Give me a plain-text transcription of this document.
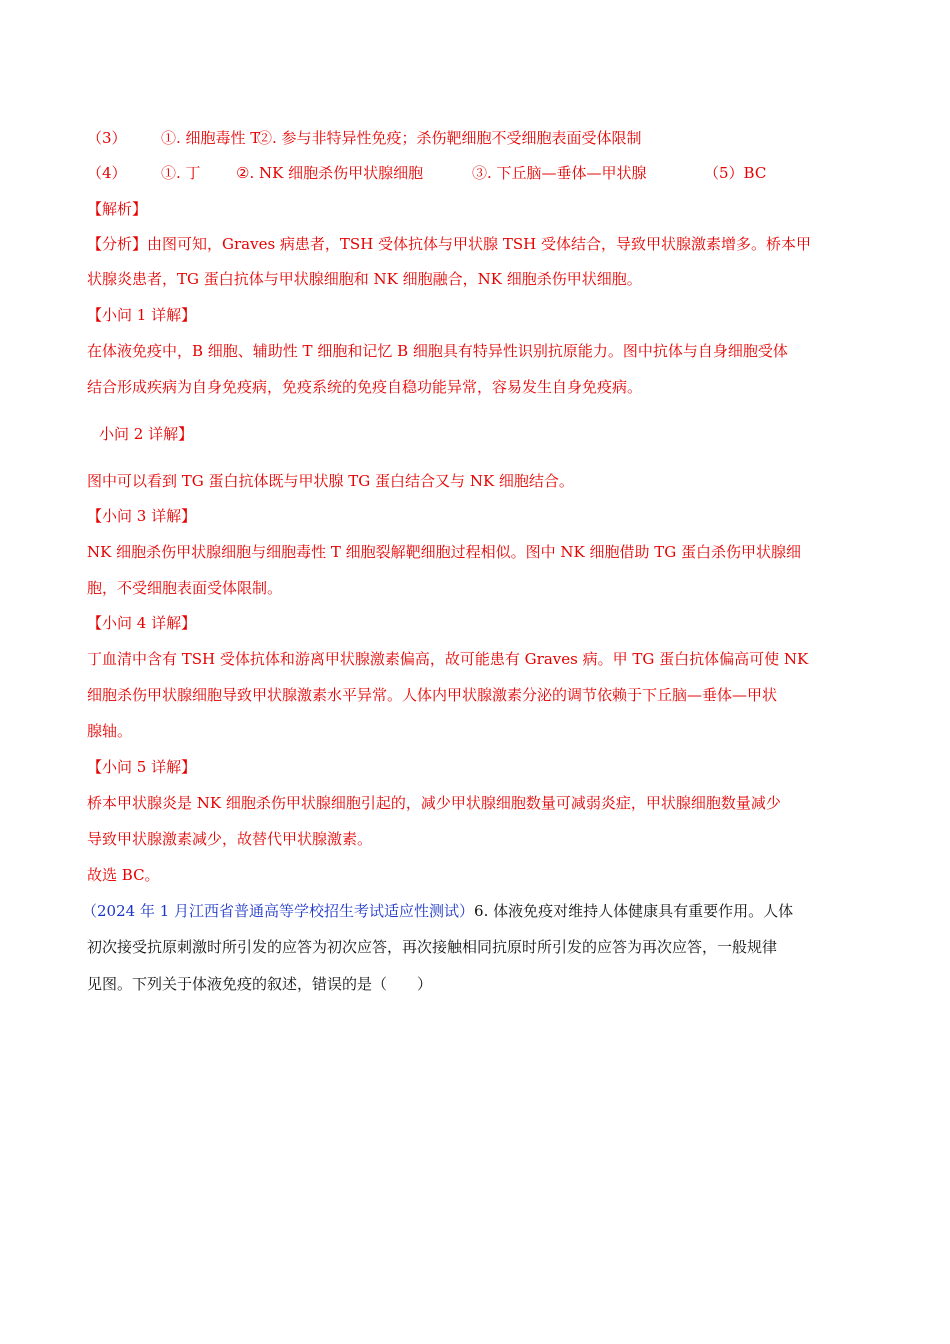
（3） ①. 细胞毒性 T②. 参与非特异性免疫；杀伤靶细胞不受细胞表面受体限制
（4） ①. 丁 ②. NK 细胞杀伤甲状腺细胞	③. 下丘脑—垂体—甲状腺	（5）BC
【解析】
【分析】由图可知，Graves 病患者，TSH 受体抗体与甲状腺 TSH 受体结合，导致甲状腺激素增多。桥本甲
状腺炎患者，TG 蛋白抗体与甲状腺细胞和 NK 细胞融合，NK 细胞杀伤甲状细胞。
【小问 1 详解】
在体液免疫中，B 细胞、辅助性 T 细胞和记忆 B 细胞具有特异性识别抗原能力。图中抗体与自身细胞受体
结合形成疾病为自身免疫病，免疫系统的免疫自稳功能异常，容易发生自身免疫病。
小问 2 详解】
图中可以看到 TG 蛋白抗体既与甲状腺 TG 蛋白结合又与 NK 细胞结合。
【小问 3 详解】
NK 细胞杀伤甲状腺细胞与细胞毒性 T 细胞裂解靶细胞过程相似。图中 NK 细胞借助 TG 蛋白杀伤甲状腺细
胞，不受细胞表面受体限制。
【小问 4 详解】
丁血清中含有 TSH 受体抗体和游离甲状腺激素偏高，故可能患有 Graves 病。甲 TG 蛋白抗体偏高可使 NK
细胞杀伤甲状腺细胞导致甲状腺激素水平异常。人体内甲状腺激素分泌的调节依赖于下丘脑—垂体—甲状
腺轴。
【小问 5 详解】
桥本甲状腺炎是 NK 细胞杀伤甲状腺细胞引起的，减少甲状腺细胞数量可减弱炎症，甲状腺细胞数量减少
导致甲状腺激素减少，故替代甲状腺激素。
故选 BC。
（2024 年 1 月江西省普通高等学校招生考试适应性测试）6. 体液免疫对维持人体健康具有重要作用。人体
初次接受抗原刺激时所引发的应答为初次应答，再次接触相同抗原时所引发的应答为再次应答，一般规律
见图。下列关于体液免疫的叙述，错误的是（　　）
